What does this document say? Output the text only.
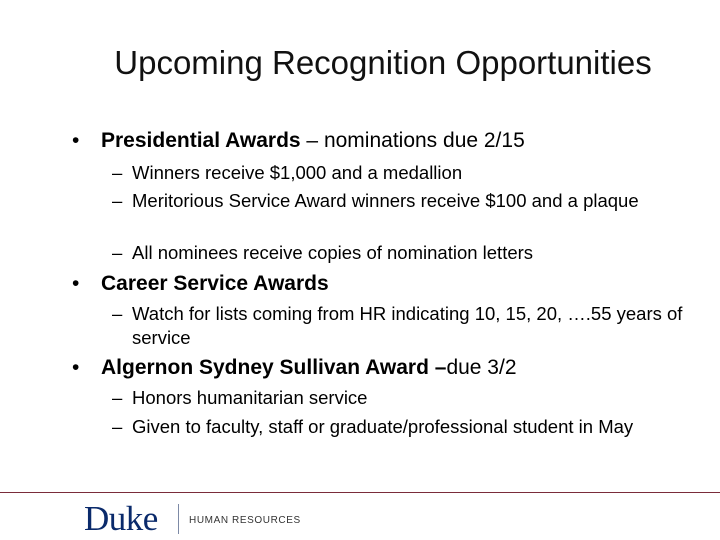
Upcoming Recognition Opportunities
• Presidential Awards – nominations due 2/15
– Winners receive $1,000 and a medallion
– Meritorious Service Award winners receive $100 and a plaque
– All nominees receive copies of nomination letters
• Career Service Awards
– Watch for lists coming from HR indicating 10, 15, 20, ….55 years of service
• Algernon Sydney Sullivan Award –due 3/2
– Honors humanitarian service
– Given to faculty, staff or graduate/professional student in May
Duke	HUMAN RESOURCES
